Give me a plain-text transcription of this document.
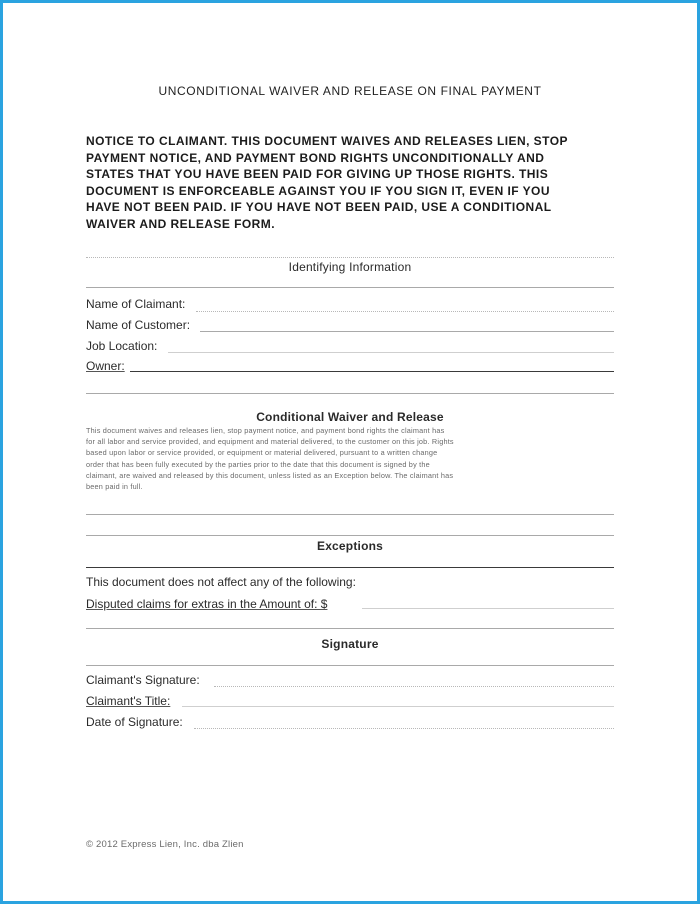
UNCONDITIONAL WAIVER AND RELEASE ON FINAL PAYMENT
NOTICE TO CLAIMANT. THIS DOCUMENT WAIVES AND RELEASES LIEN, STOP
PAYMENT NOTICE, AND PAYMENT BOND RIGHTS UNCONDITIONALLY AND
STATES THAT YOU HAVE BEEN PAID FOR GIVING UP THOSE RIGHTS. THIS
DOCUMENT IS ENFORCEABLE AGAINST YOU IF YOU SIGN IT, EVEN IF YOU
HAVE NOT BEEN PAID. IF YOU HAVE NOT BEEN PAID, USE A CONDITIONAL
WAIVER AND RELEASE FORM.
Identifying Information
Name of Claimant:
Name of Customer:
Job Location:
Owner:
Conditional Waiver and Release
This document waives and releases lien, stop payment notice, and payment bond rights the claimant has
for all labor and service provided, and equipment and material delivered, to the customer on this job. Rights
based upon labor or service provided, or equipment or material delivered, pursuant to a written change
order that has been fully executed by the parties prior to the date that this document is signed by the
claimant, are waived and released by this document, unless listed as an Exception below. The claimant has
been paid in full.
Exceptions
This document does not affect any of the following:
Disputed claims for extras in the Amount of: $
Signature
Claimant's Signature:
Claimant's Title:
Date of Signature:
© 2012 Express Lien, Inc. dba Zlien
